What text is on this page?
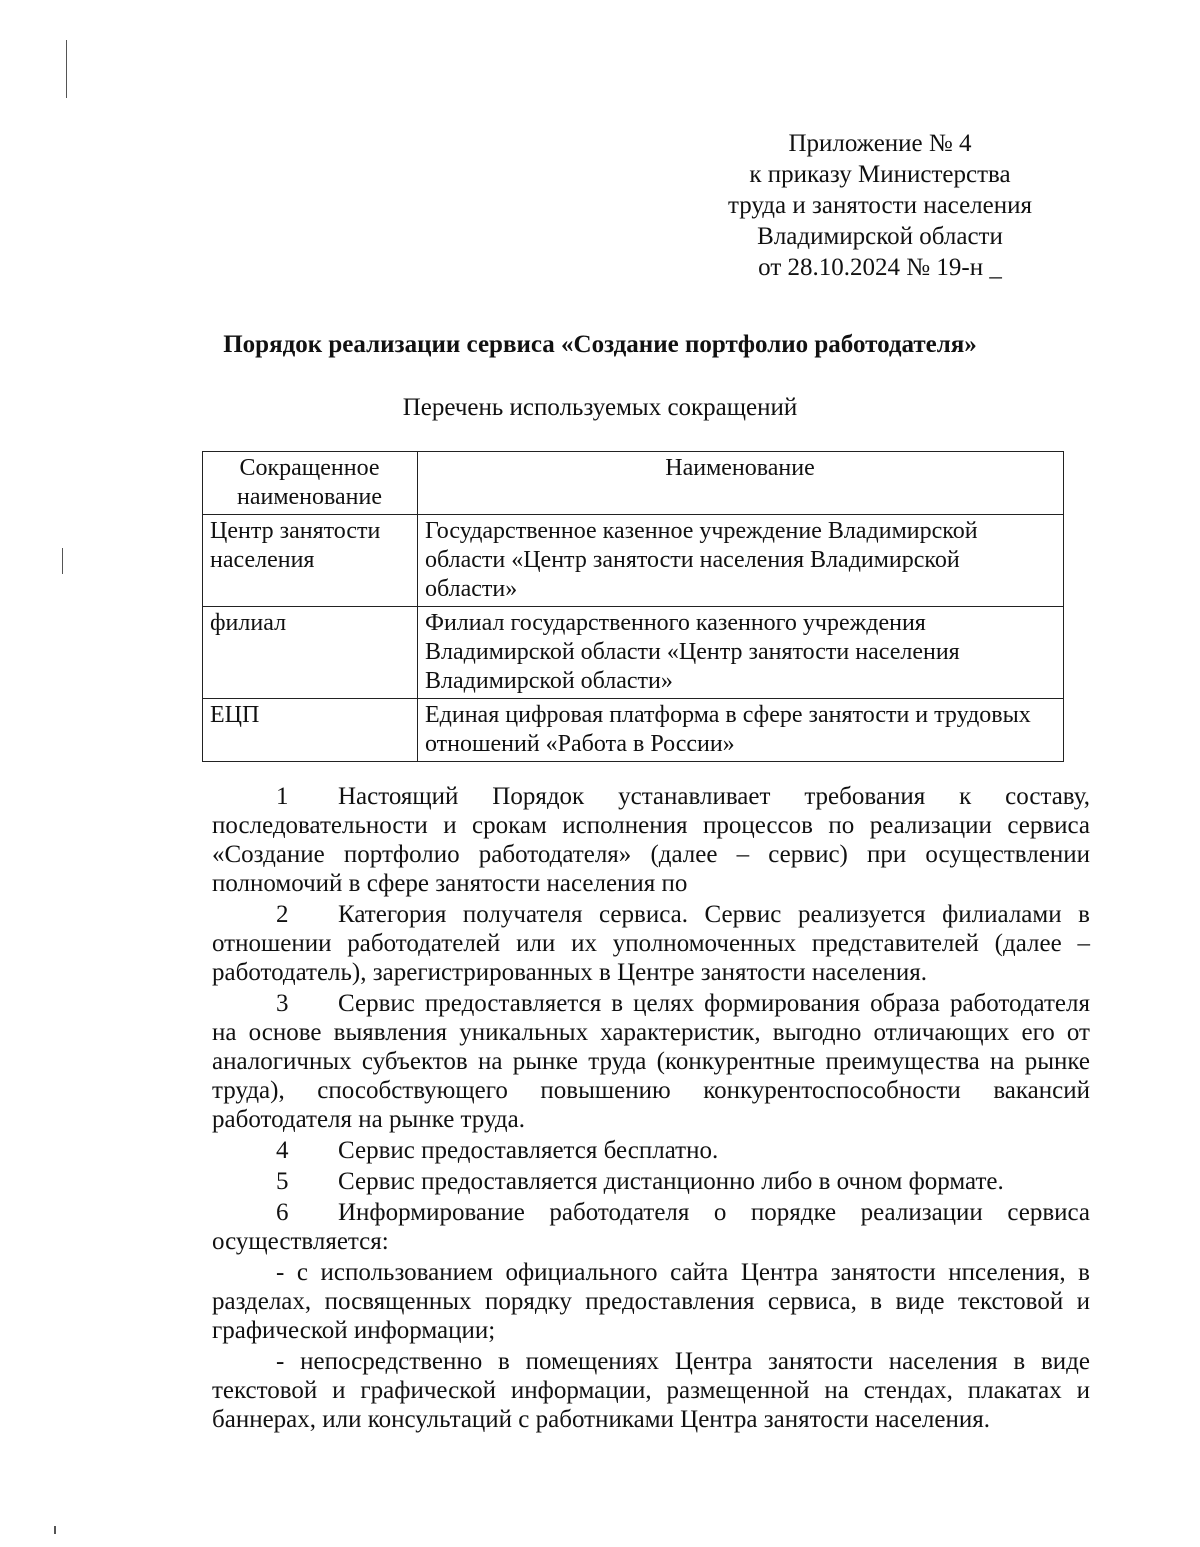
Приложение № 4
к приказу Министерства
труда и занятости населения
Владимирской области
от 28.10.2024 № 19-н _
Порядок реализации сервиса «Создание портфолио работодателя»
Перечень используемых сокращений
Сокращенное наименование	Наименование
Центр занятости населения	Государственное казенное учреждение Владимирской области «Центр занятости населения Владимирской области»
филиал	Филиал государственного казенного учреждения Владимирской области «Центр занятости населения Владимирской области»
ЕЦП	Единая цифровая платформа в сфере занятости и трудовых отношений «Работа в России»

1 Настоящий Порядок устанавливает требования к составу, последовательности и срокам исполнения процессов по реализации сервиса «Создание портфолио работодателя» (далее – сервис) при осуществлении полномочий в сфере занятости населения по

2 Категория получателя сервиса. Сервис реализуется филиалами в отношении работодателей или их уполномоченных представителей (далее – работодатель), зарегистрированных в Центре занятости населения.

3 Сервис предоставляется в целях формирования образа работодателя на основе выявления уникальных характеристик, выгодно отличающих его от аналогичных субъектов на рынке труда (конкурентные преимущества на рынке труда), способствующего повышению конкурентоспособности вакансий работодателя на рынке труда.

4 Сервис предоставляется бесплатно.

5 Сервис предоставляется дистанционно либо в очном формате.

6 Информирование работодателя о порядке реализации сервиса осуществляется:

- с использованием официального сайта Центра занятости нпселения, в разделах, посвященных порядку предоставления сервиса, в виде текстовой и графической информации;

- непосредственно в помещениях Центра занятости населения в виде текстовой и графической информации, размещенной на стендах, плакатах и баннерах, или консультаций с работниками Центра занятости населения.
